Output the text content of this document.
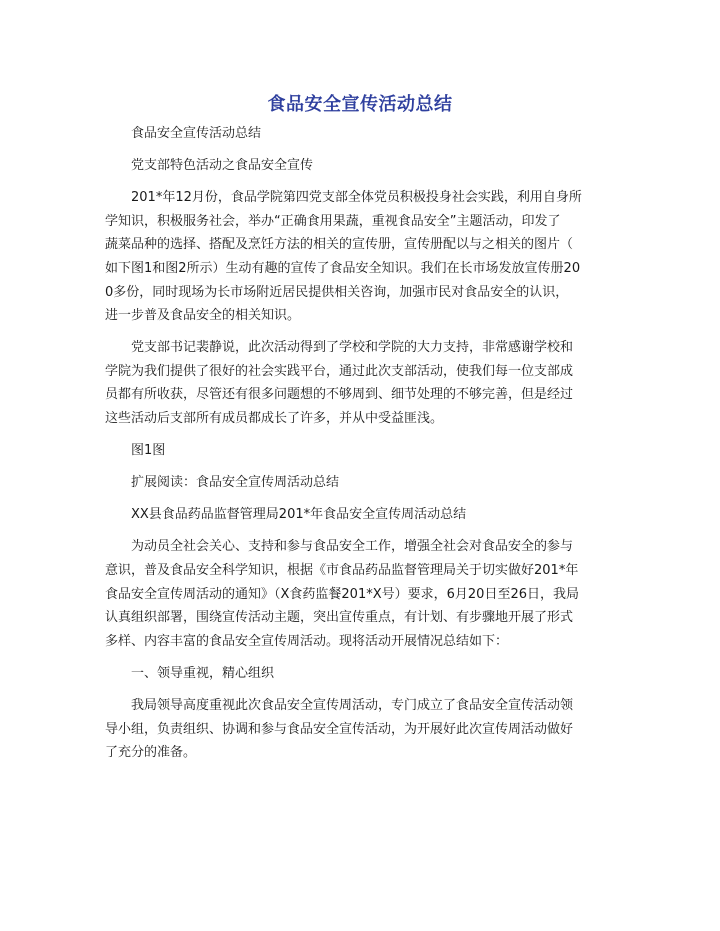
食品安全宣传活动总结

食品安全宣传活动总结

党支部特色活动之食品安全宣传

201*年12月份，食品学院第四党支部全体党员积极投身社会实践，利用自身所

学知识，积极服务社会，举办“正确食用果蔬，重视食品安全”主题活动，印发了

蔬菜品种的选择、搭配及烹饪方法的相关的宣传册，宣传册配以与之相关的图片（

如下图1和图2所示）生动有趣的宣传了食品安全知识。我们在长市场发放宣传册20

0多份，同时现场为长市场附近居民提供相关咨询，加强市民对食品安全的认识，

进一步普及食品安全的相关知识。

党支部书记裴静说，此次活动得到了学校和学院的大力支持，非常感谢学校和

学院为我们提供了很好的社会实践平台，通过此次支部活动，使我们每一位支部成

员都有所收获，尽管还有很多问题想的不够周到、细节处理的不够完善，但是经过

这些活动后支部所有成员都成长了许多，并从中受益匪浅。

图1图

扩展阅读：食品安全宣传周活动总结

XX县食品药品监督管理局201*年食品安全宣传周活动总结

为动员全社会关心、支持和参与食品安全工作，增强全社会对食品安全的参与

意识，普及食品安全科学知识，根据《市食品药品监督管理局关于切实做好201*年

食品安全宣传周活动的通知》（X食药监餐201*X号）要求，6月20日至26日，我局

认真组织部署，围绕宣传活动主题，突出宣传重点，有计划、有步骤地开展了形式

多样、内容丰富的食品安全宣传周活动。现将活动开展情况总结如下：

一、领导重视，精心组织

我局领导高度重视此次食品安全宣传周活动，专门成立了食品安全宣传活动领

导小组，负责组织、协调和参与食品安全宣传活动，为开展好此次宣传周活动做好

了充分的准备。
